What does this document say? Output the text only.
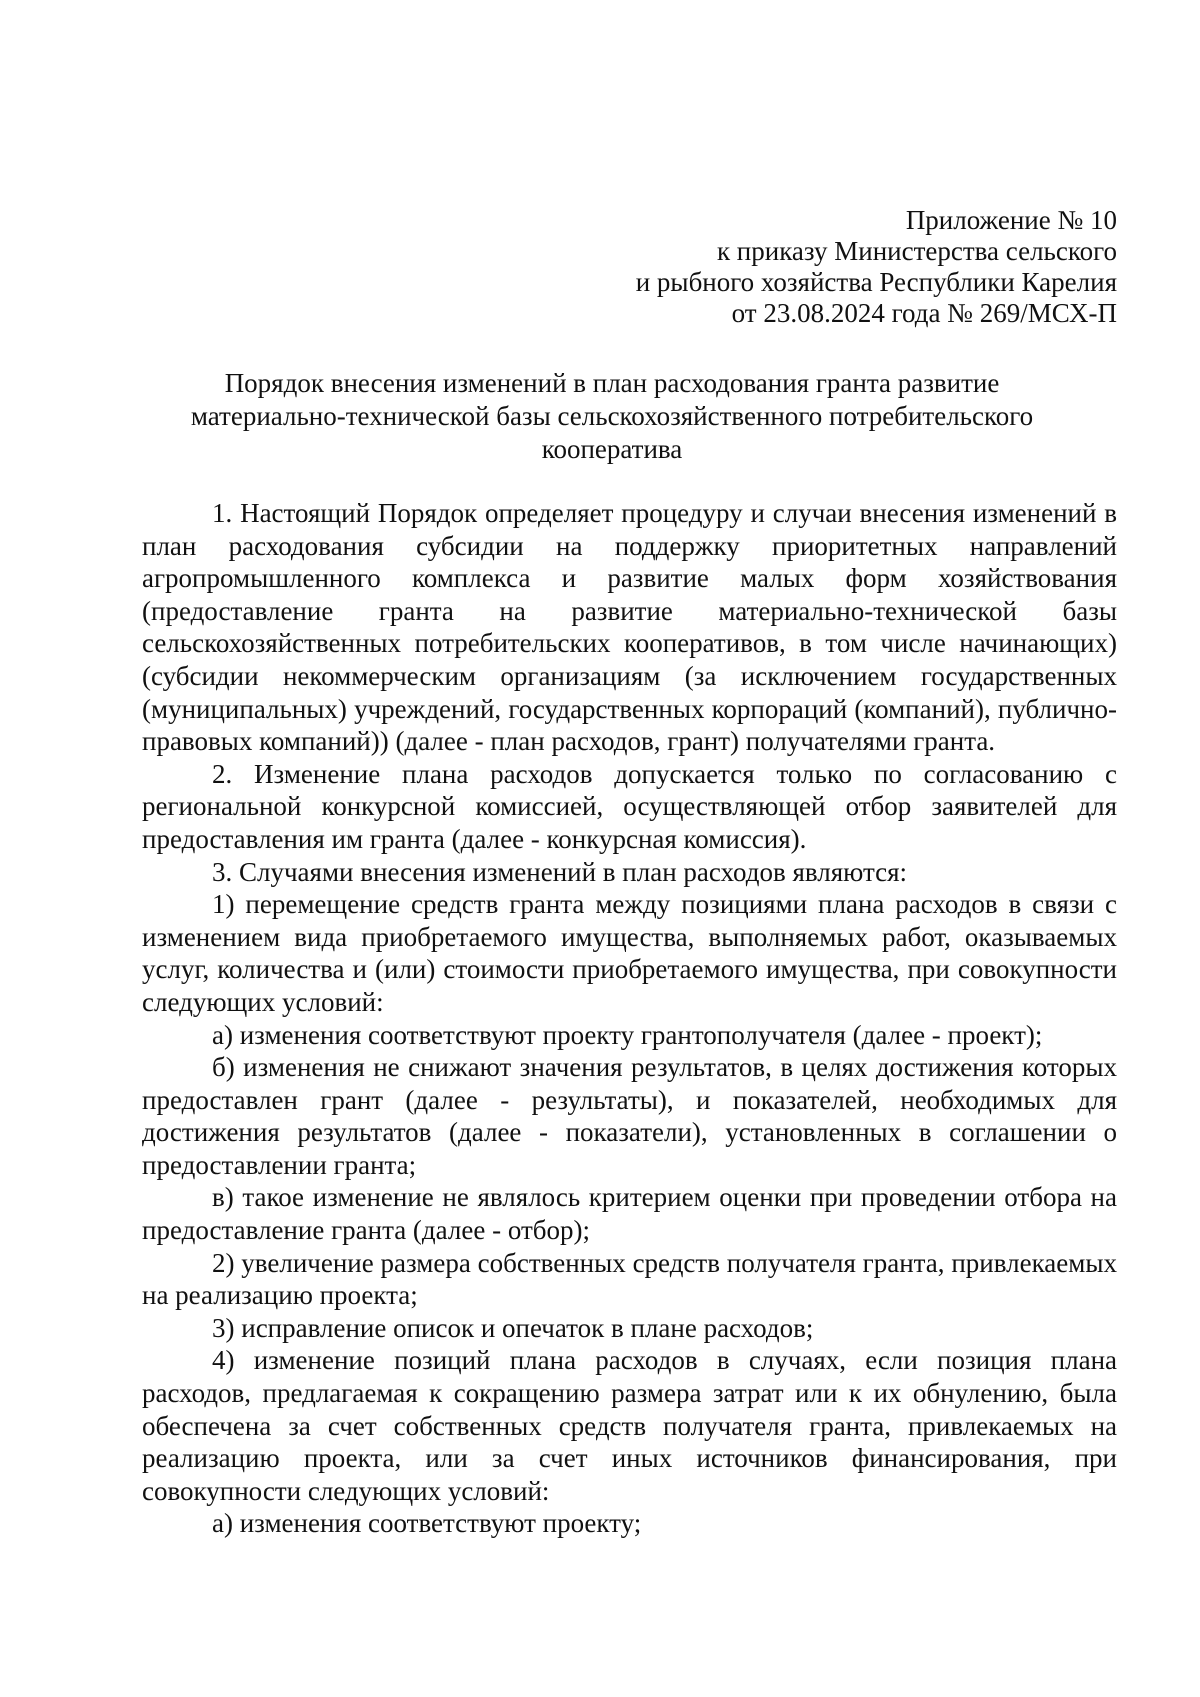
Приложение № 10
к приказу Министерства сельского
и рыбного хозяйства Республики Карелия
от 23.08.2024 года № 269/МСХ-П
Порядок внесения изменений в план расходования гранта развитие
материально-технической базы сельскохозяйственного потребительского
кооператива

1. Настоящий Порядок определяет процедуру и случаи внесения изменений в план расходования субсидии на поддержку приоритетных направлений агропромышленного комплекса и развитие малых форм хозяйствования (предоставление гранта на развитие материально-технической базы сельскохозяйственных потребительских кооперативов, в том числе начинающих) (субсидии некоммерческим организациям (за исключением государственных (муниципальных) учреждений, государственных корпораций (компаний), публично-правовых компаний)) (далее - план расходов, грант) получателями гранта.

2. Изменение плана расходов допускается только по согласованию с региональной конкурсной комиссией, осуществляющей отбор заявителей для предоставления им гранта (далее - конкурсная комиссия).

3. Случаями внесения изменений в план расходов являются:

1) перемещение средств гранта между позициями плана расходов в связи с изменением вида приобретаемого имущества, выполняемых работ, оказываемых услуг, количества и (или) стоимости приобретаемого имущества, при совокупности следующих условий:

а) изменения соответствуют проекту грантополучателя (далее - проект);

б) изменения не снижают значения результатов, в целях достижения которых предоставлен грант (далее - результаты), и показателей, необходимых для достижения результатов (далее - показатели), установленных в соглашении о предоставлении гранта;

в) такое изменение не являлось критерием оценки при проведении отбора на предоставление гранта (далее - отбор);

2) увеличение размера собственных средств получателя гранта, привлекаемых на реализацию проекта;

3) исправление описок и опечаток в плане расходов;

4) изменение позиций плана расходов в случаях, если позиция плана расходов, предлагаемая к сокращению размера затрат или к их обнулению, была обеспечена за счет собственных средств получателя гранта, привлекаемых на реализацию проекта, или за счет иных источников финансирования, при совокупности следующих условий:

а) изменения соответствуют проекту;
